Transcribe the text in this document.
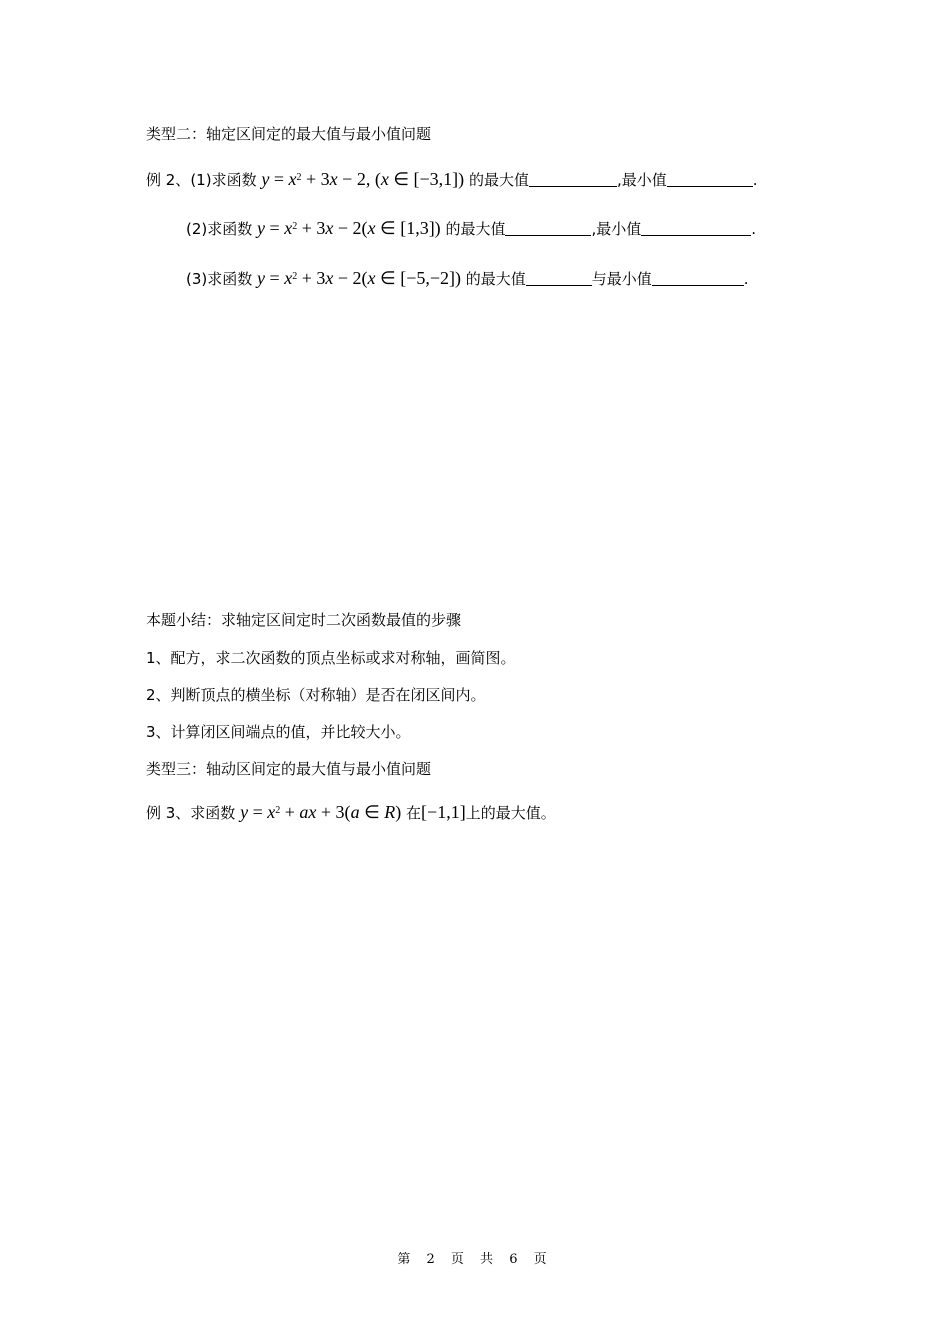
类型二：轴定区间定的最大值与最小值问题
例 2、(1)求函数 $y = x^2 + 3x - 2$, (x ∈ [−3,1]) 的最大值	,最小值	.
(2)求函数 $y = x^2 + 3x - 2(x$ ∈ [1,3]) 的最大值	,最小值	.
(3)求函数 $y = x^2 + 3x - 2(x$ ∈ [−5,−2]) 的最大值	与最小值	.
本题小结：求轴定区间定时二次函数最值的步骤
1、配方，求二次函数的顶点坐标或求对称轴，画简图。
2、判断顶点的横坐标（对称轴）是否在闭区间内。
3、计算闭区间端点的值，并比较大小。
类型三：轴动区间定的最大值与最小值问题
例 3、求函数 $y = x^2$ + ax + 3(a ∈ R) 在[−1,1]上的最大值。
第 2 页 共 6 页
